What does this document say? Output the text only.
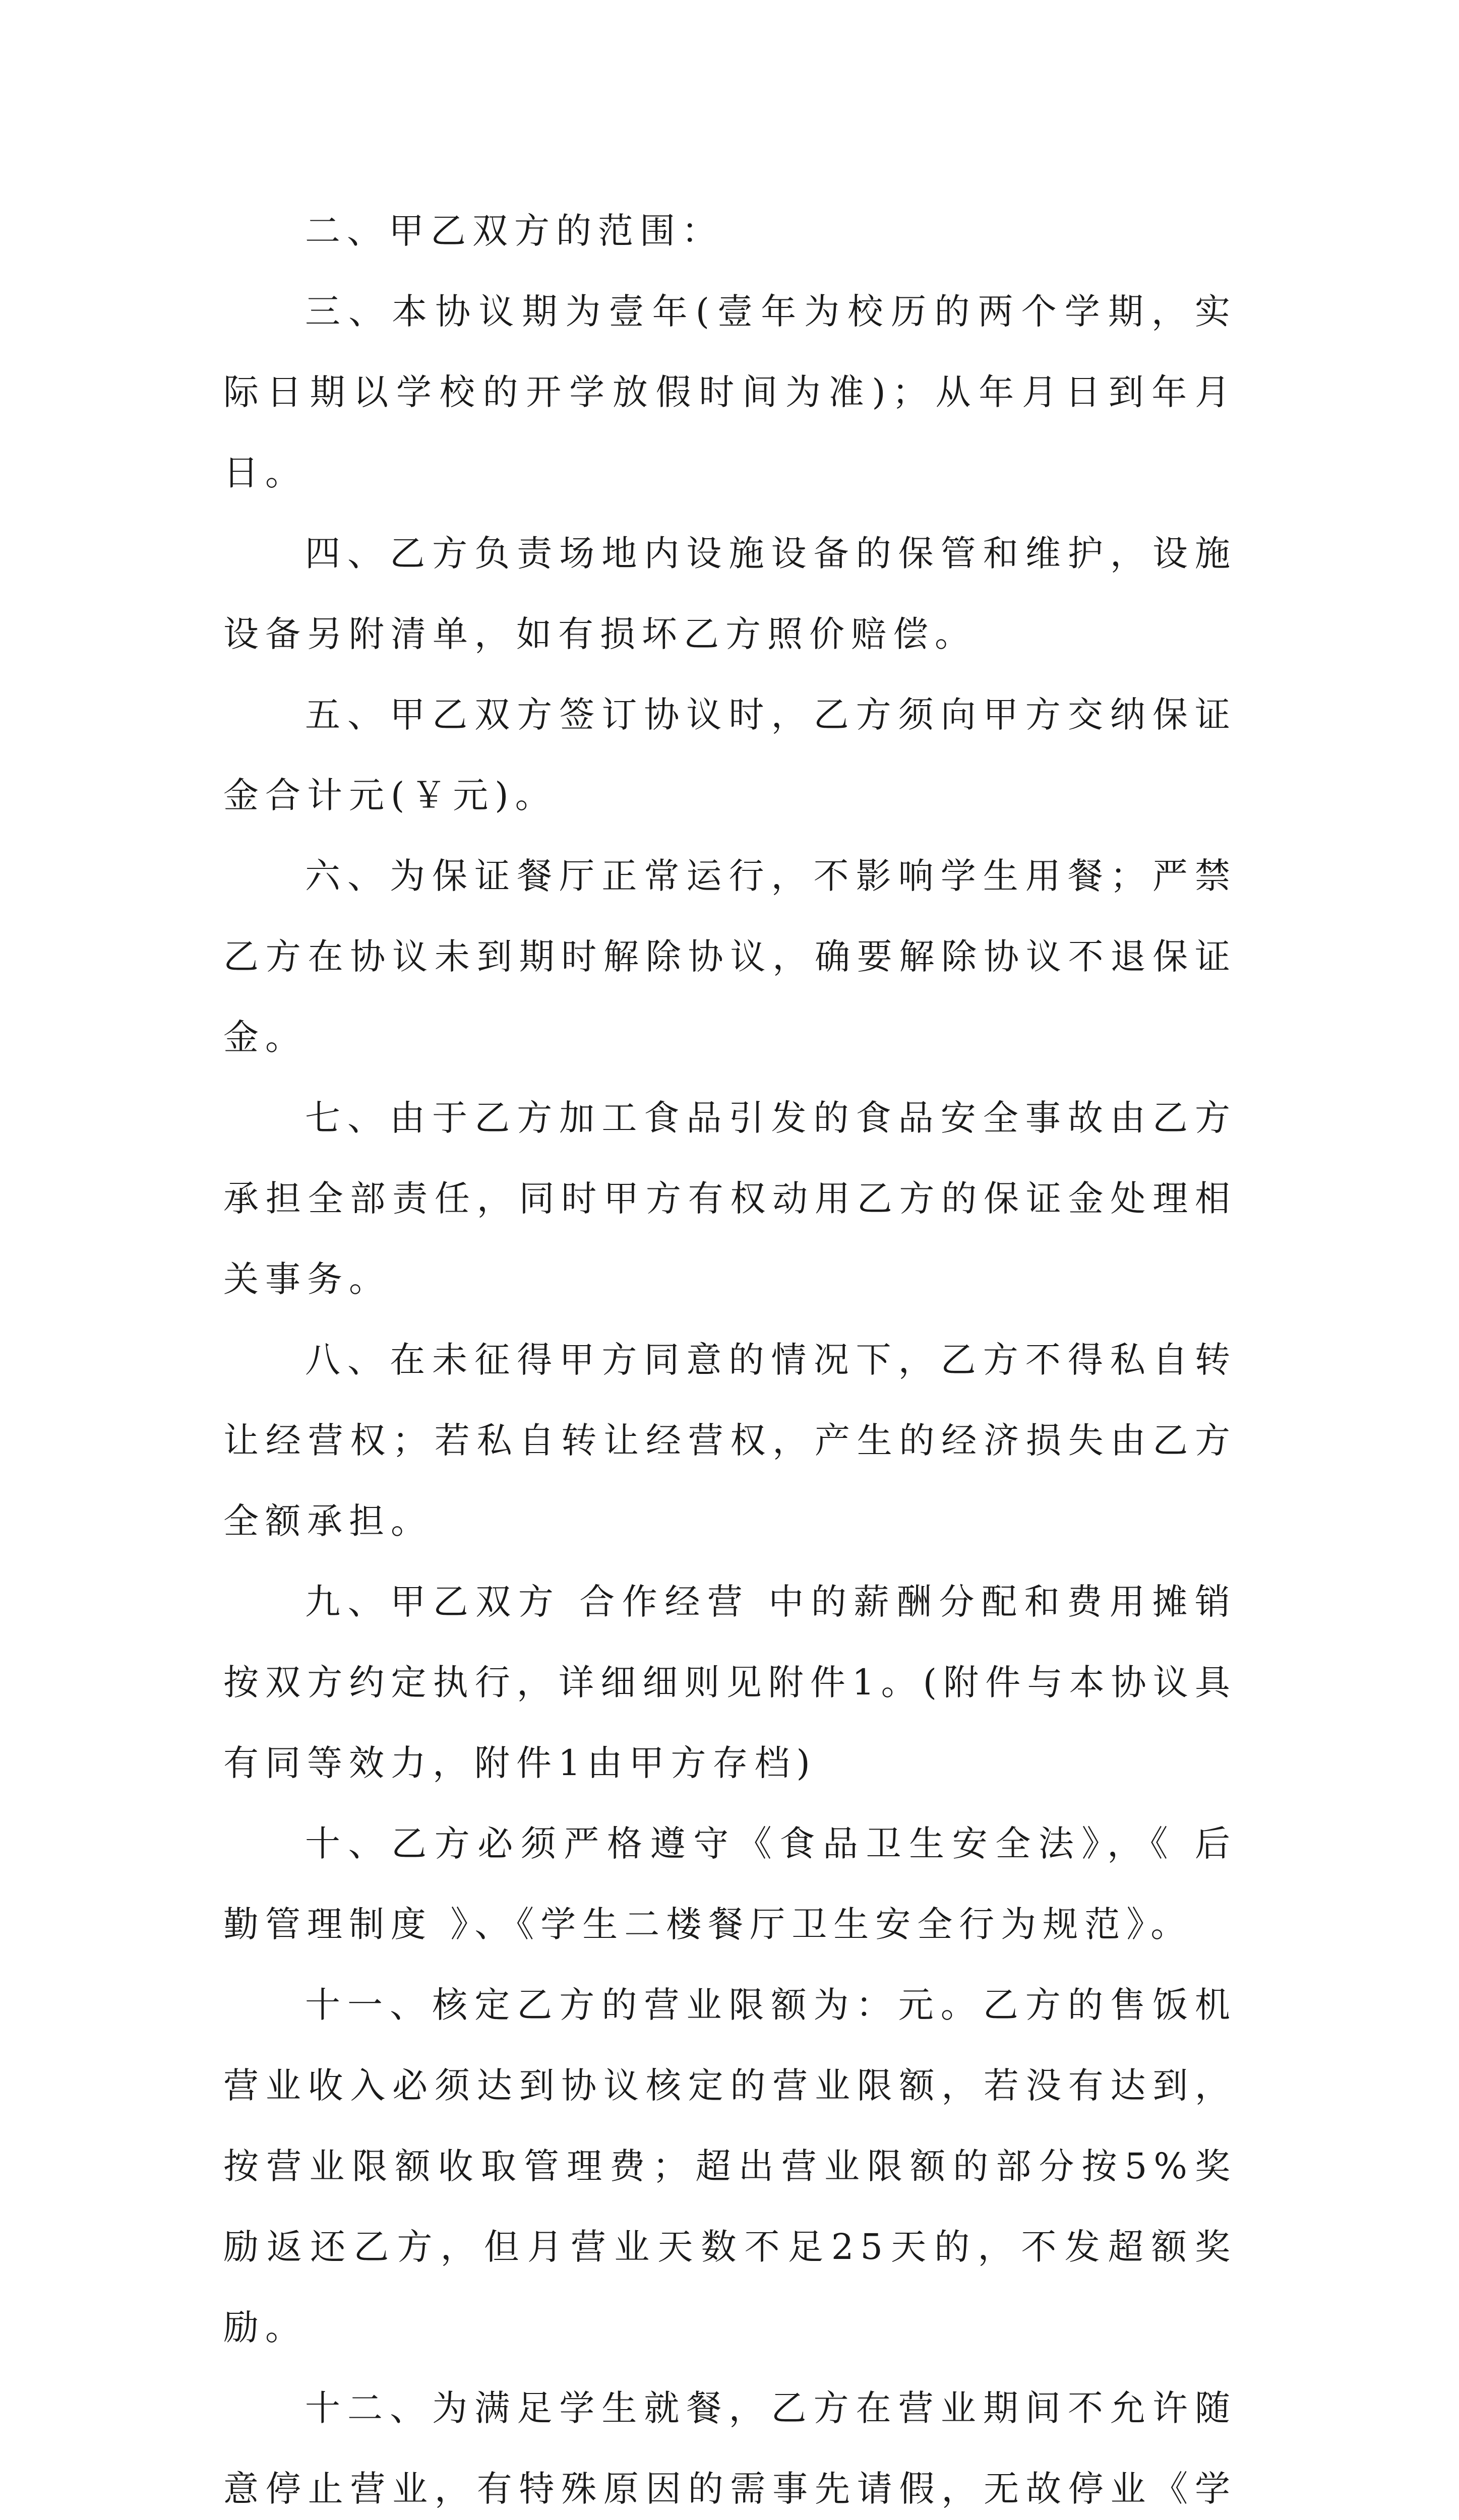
二、甲乙双方的范围：

三、本协议期为壹年(壹年为校历的两个学期，实际日期以学校的开学放假时间为准)；从年月日到年月日。

四、乙方负责场地内设施设备的保管和维护，设施设备另附清单，如有损坏乙方照价赔偿。

五、甲乙双方签订协议时，乙方须向甲方交纳保证金合计元(￥元)。

六、为保证餐厅正常运行，不影响学生用餐；严禁乙方在协议未到期时解除协议，确要解除协议不退保证金。

七、由于乙方加工食品引发的食品安全事故由乙方承担全部责任，同时甲方有权动用乙方的保证金处理相关事务。

八、在未征得甲方同意的情况下，乙方不得私自转让经营权；若私自转让经营权，产生的经济损失由乙方全额承担。

九、甲乙双方 合作经营 中的薪酬分配和费用摊销按双方约定执行，详细细则见附件1。(附件与本协议具有同等效力，附件1由甲方存档)

十、乙方必须严格遵守《食品卫生安全法》，《 后勤管理制度 》、《学生二楼餐厅卫生安全行为规范》。

十一、核定乙方的营业限额为：元。乙方的售饭机营业收入必须达到协议核定的营业限额，若没有达到，按营业限额收取管理费；超出营业限额的部分按5%奖励返还乙方，但月营业天数不足25天的，不发超额奖励。

十二、为满足学生就餐，乙方在营业期间不允许随意停止营业，有特殊原因的需事先请假，无故停业《学
